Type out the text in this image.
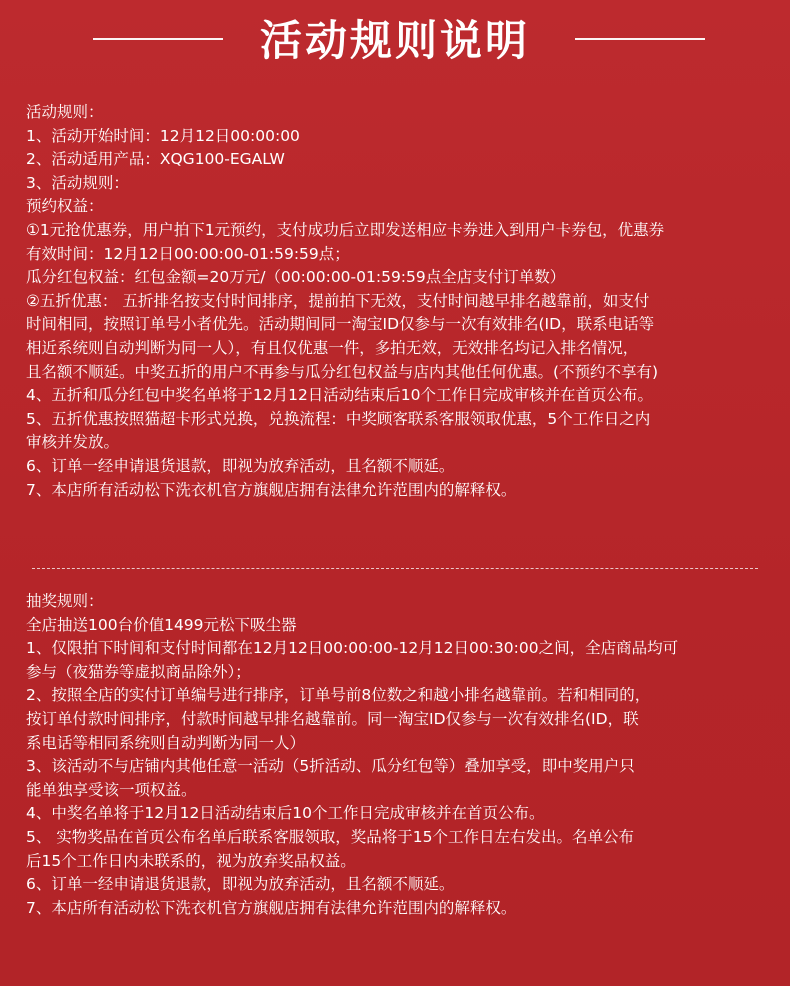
活动规则说明
活动规则：
1、活动开始时间：12月12日00:00:00
2、活动适用产品：XQG100-EGALW
3、活动规则：
预约权益：
①1元抢优惠券，用户拍下1元预约，支付成功后立即发送相应卡券进入到用户卡券包，优惠券
有效时间：12月12日00:00:00-01:59:59点；
瓜分红包权益：红包金额=20万元/（00:00:00-01:59:59点全店支付订单数）
②五折优惠： 五折排名按支付时间排序，提前拍下无效，支付时间越早排名越靠前，如支付
时间相同，按照订单号小者优先。活动期间同一淘宝ID仅参与一次有效排名(ID，联系电话等
相近系统则自动判断为同一人），有且仅优惠一件，多拍无效，无效排名均记入排名情况，
且名额不顺延。中奖五折的用户不再参与瓜分红包权益与店内其他任何优惠。(不预约不享有)
4、五折和瓜分红包中奖名单将于12月12日活动结束后10个工作日完成审核并在首页公布。
5、五折优惠按照猫超卡形式兑换，兑换流程：中奖顾客联系客服领取优惠，5个工作日之内
审核并发放。
6、订单一经申请退货退款，即视为放弃活动，且名额不顺延。
7、本店所有活动松下洗衣机官方旗舰店拥有法律允许范围内的解释权。
抽奖规则：
全店抽送100台价值1499元松下吸尘器
1、仅限拍下时间和支付时间都在12月12日00:00:00-12月12日00:30:00之间，全店商品均可
参与（夜猫券等虚拟商品除外）；
2、按照全店的实付订单编号进行排序，订单号前8位数之和越小排名越靠前。若和相同的，
按订单付款时间排序，付款时间越早排名越靠前。同一淘宝ID仅参与一次有效排名(ID，联
系电话等相同系统则自动判断为同一人）
3、该活动不与店铺内其他任意一活动（5折活动、瓜分红包等）叠加享受，即中奖用户只
能单独享受该一项权益。
4、中奖名单将于12月12日活动结束后10个工作日完成审核并在首页公布。
5、 实物奖品在首页公布名单后联系客服领取，奖品将于15个工作日左右发出。名单公布
后15个工作日内未联系的，视为放弃奖品权益。
6、订单一经申请退货退款，即视为放弃活动，且名额不顺延。
7、本店所有活动松下洗衣机官方旗舰店拥有法律允许范围内的解释权。
